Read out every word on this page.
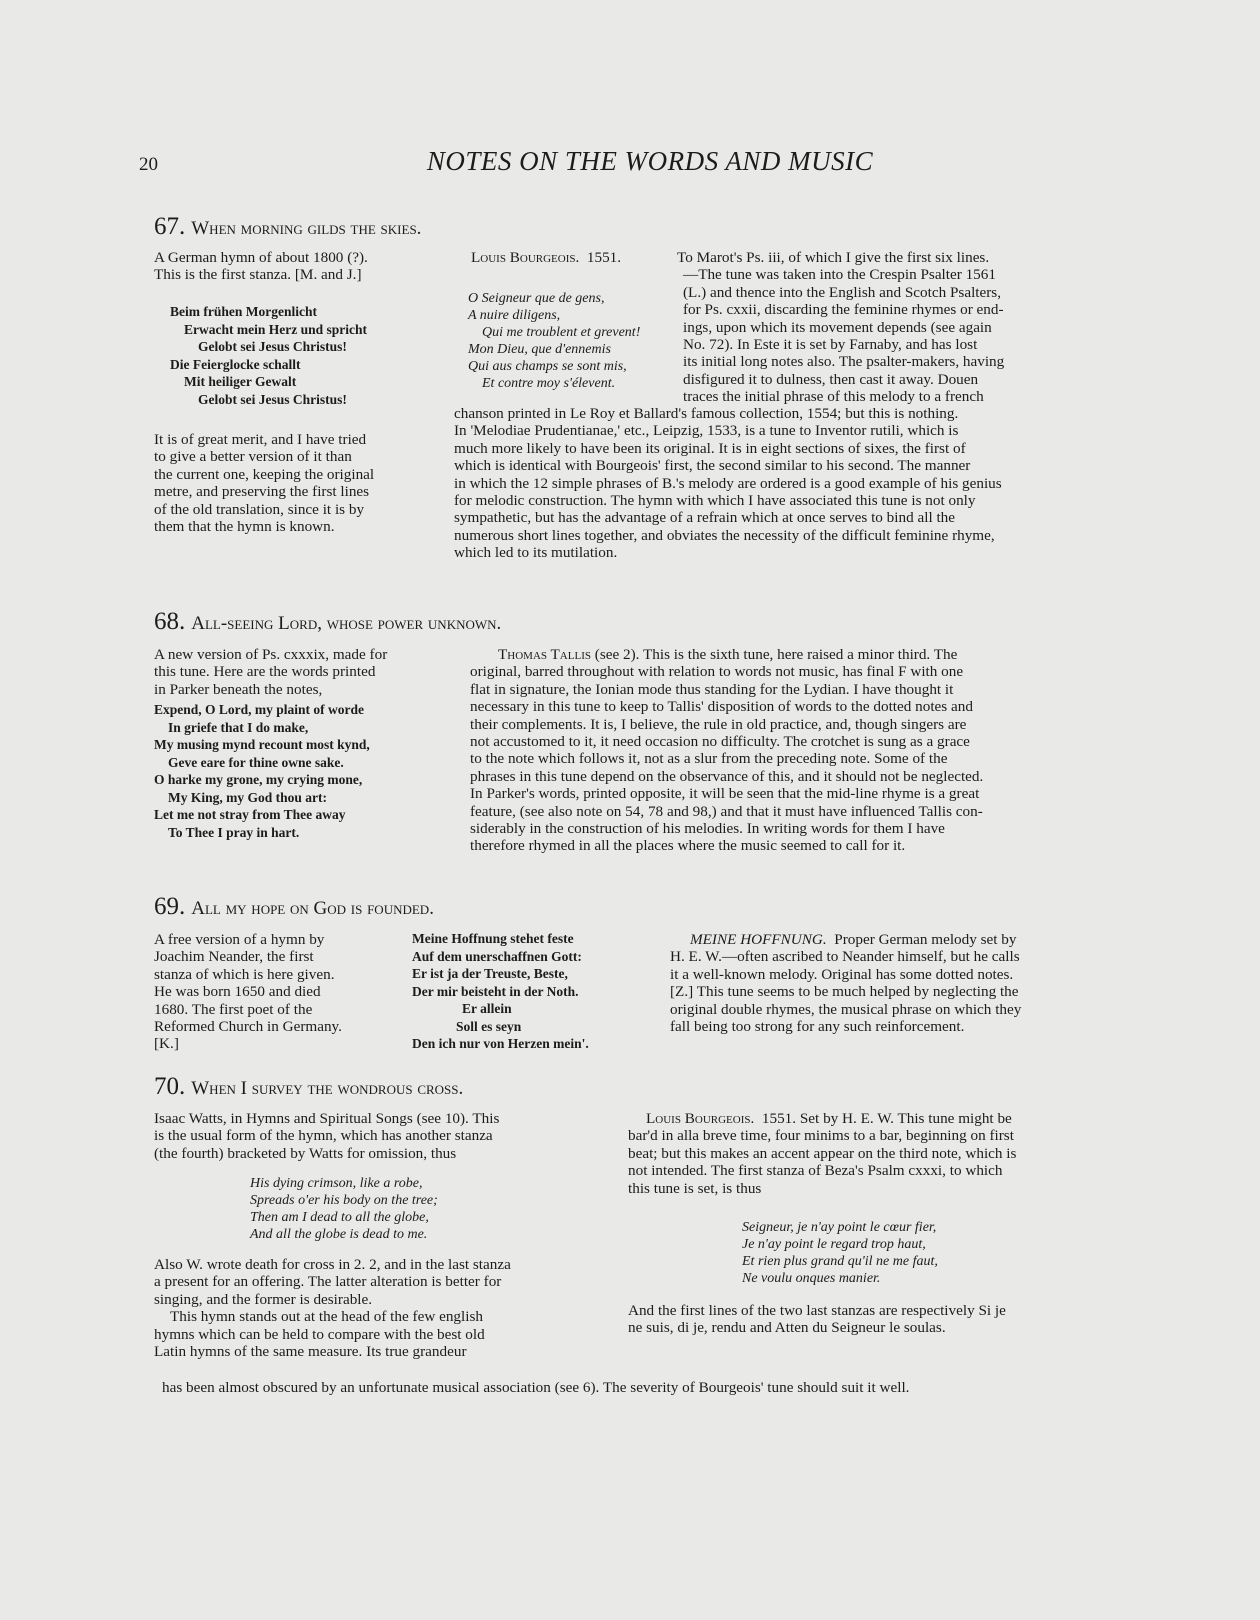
20	NOTES ON THE WORDS AND MUSIC
67. When morning gilds the skies.

A German hymn of about 1800 (?).

This is the first stanza. [M. and J.]

Beim frühen Morgenlicht

Erwacht mein Herz und spricht

Gelobt sei Jesus Christus!

Die Feierglocke schallt

Mit heiliger Gewalt

Gelobt sei Jesus Christus!

It is of great merit, and I have tried

to give a better version of it than

the current one, keeping the original

metre, and preserving the first lines

of the old translation, since it is by

them that the hymn is known.

Louis Bourgeois. 1551.

O Seigneur que de gens,

A nuire diligens,

Qui me troublent et grevent!

Mon Dieu, que d'ennemis

Qui aus champs se sont mis,

Et contre moy s'élevent.

To Marot's Ps. iii, of which I give the first six lines.

—The tune was taken into the Crespin Psalter 1561

(L.) and thence into the English and Scotch Psalters,

for Ps. cxxii, discarding the feminine rhymes or end-

ings, upon which its movement depends (see again

No. 72). In Este it is set by Farnaby, and has lost

its initial long notes also. The psalter-makers, having

disfigured it to dulness, then cast it away. Douen

traces the initial phrase of this melody to a french

chanson printed in Le Roy et Ballard's famous collection, 1554; but this is nothing.

In 'Melodiae Prudentianae,' etc., Leipzig, 1533, is a tune to Inventor rutili, which is

much more likely to have been its original. It is in eight sections of sixes, the first of

which is identical with Bourgeois' first, the second similar to his second. The manner

in which the 12 simple phrases of B.'s melody are ordered is a good example of his genius

for melodic construction. The hymn with which I have associated this tune is not only

sympathetic, but has the advantage of a refrain which at once serves to bind all the

numerous short lines together, and obviates the necessity of the difficult feminine rhyme,

which led to its mutilation.

68. All-seeing Lord, whose power unknown.

A new version of Ps. cxxxix, made for

this tune. Here are the words printed

in Parker beneath the notes,

Expend, O Lord, my plaint of worde

In griefe that I do make,

My musing mynd recount most kynd,

Geve eare for thine owne sake.

O harke my grone, my crying mone,

My King, my God thou art:

Let me not stray from Thee away

To Thee I pray in hart.

Thomas Tallis (see 2). This is the sixth tune, here raised a minor third. The

original, barred throughout with relation to words not music, has final F with one

flat in signature, the Ionian mode thus standing for the Lydian. I have thought it

necessary in this tune to keep to Tallis' disposition of words to the dotted notes and

their complements. It is, I believe, the rule in old practice, and, though singers are

not accustomed to it, it need occasion no difficulty. The crotchet is sung as a grace

to the note which follows it, not as a slur from the preceding note. Some of the

phrases in this tune depend on the observance of this, and it should not be neglected.

In Parker's words, printed opposite, it will be seen that the mid-line rhyme is a great

feature, (see also note on 54, 78 and 98,) and that it must have influenced Tallis con-

siderably in the construction of his melodies. In writing words for them I have

therefore rhymed in all the places where the music seemed to call for it.

69. All my hope on God is founded.

A free version of a hymn by

Joachim Neander, the first

stanza of which is here given.

He was born 1650 and died

1680. The first poet of the

Reformed Church in Germany.

[K.]

Meine Hoffnung stehet feste

Auf dem unerschaffnen Gott:

Er ist ja der Treuste, Beste,

Der mir beisteht in der Noth.

Er allein

Soll es seyn

Den ich nur von Herzen mein'.

MEINE HOFFNUNG. Proper German melody set by

H. E. W.—often ascribed to Neander himself, but he calls

it a well-known melody. Original has some dotted notes.

[Z.] This tune seems to be much helped by neglecting the

original double rhymes, the musical phrase on which they

fall being too strong for any such reinforcement.

70. When I survey the wondrous cross.

Isaac Watts, in Hymns and Spiritual Songs (see 10). This

is the usual form of the hymn, which has another stanza

(the fourth) bracketed by Watts for omission, thus

His dying crimson, like a robe,

Spreads o'er his body on the tree;

Then am I dead to all the globe,

And all the globe is dead to me.

Also W. wrote death for cross in 2. 2, and in the last stanza

a present for an offering. The latter alteration is better for

singing, and the former is desirable.

This hymn stands out at the head of the few english

hymns which can be held to compare with the best old

Latin hymns of the same measure. Its true grandeur

has been almost obscured by an unfortunate musical association (see 6). The severity of Bourgeois' tune should suit it well.

Louis Bourgeois. 1551. Set by H. E. W. This tune might be

bar'd in alla breve time, four minims to a bar, beginning on first

beat; but this makes an accent appear on the third note, which is

not intended. The first stanza of Beza's Psalm cxxxi, to which

this tune is set, is thus

Seigneur, je n'ay point le cœur fier,

Je n'ay point le regard trop haut,

Et rien plus grand qu'il ne me faut,

Ne voulu onques manier.

And the first lines of the two last stanzas are respectively Si je

ne suis, di je, rendu and Atten du Seigneur le soulas.
